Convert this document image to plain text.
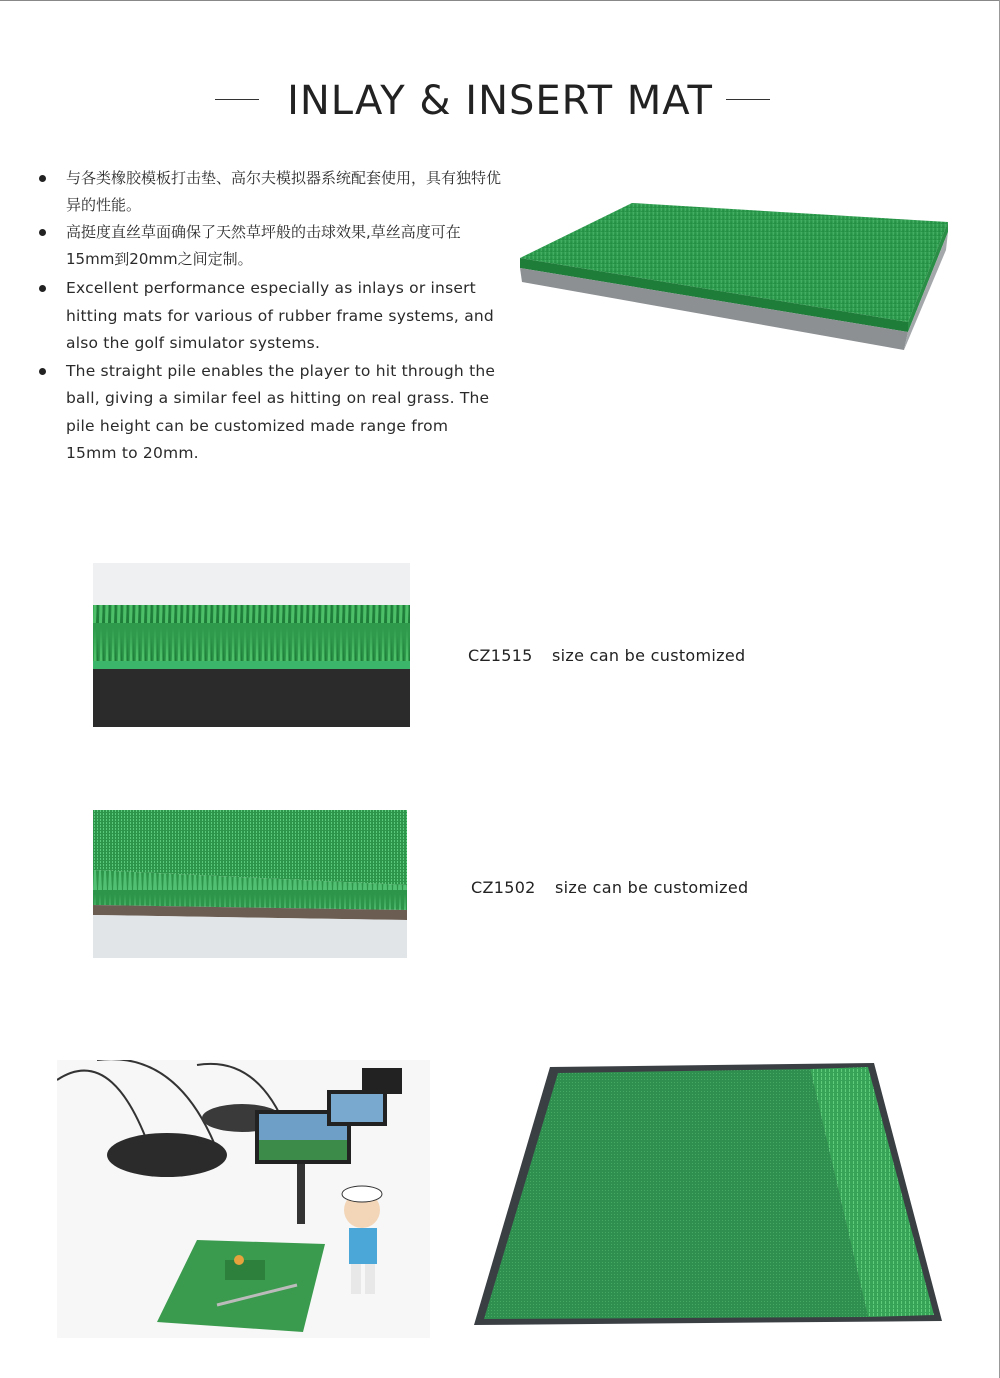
INLAY & INSERT MAT
与各类橡胶模板打击垫、高尔夫模拟器系统配套使用，具有独特优异的性能。
高挺度直丝草面确保了天然草坪般的击球效果,草丝高度可在15mm到20mm之间定制。
Excellent performance especially as inlays or insert hitting mats for various of rubber frame systems, and also the golf simulator systems.
The straight pile enables the player to hit through the ball, giving a similar feel as hitting on real grass. The pile height can be customized made range from 15mm to 20mm.
CZ1515 size can be customized
CZ1502 size can be customized
